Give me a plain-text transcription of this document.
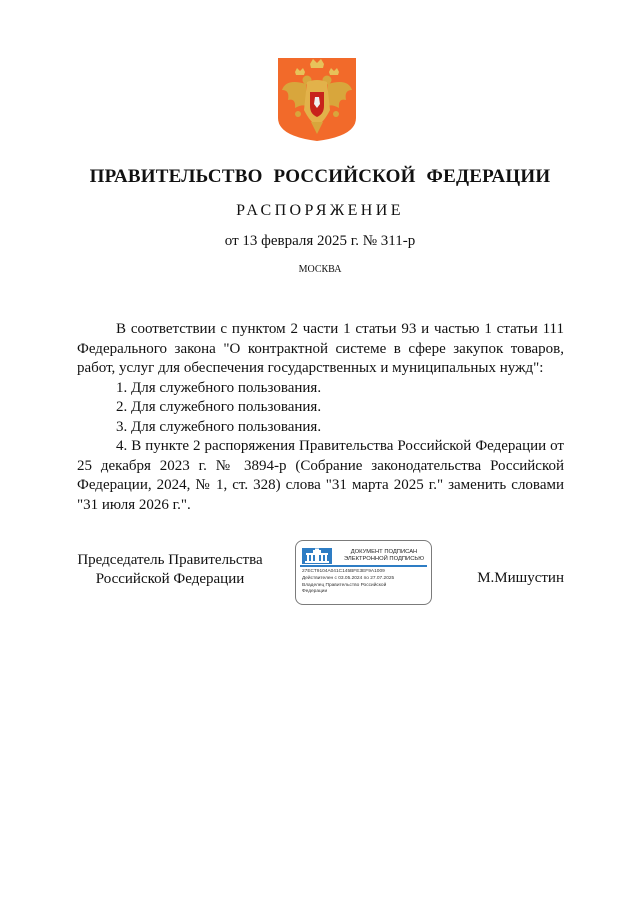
ПРАВИТЕЛЬСТВО РОССИЙСКОЙ ФЕДЕРАЦИИ
РАСПОРЯЖЕНИЕ
от 13 февраля 2025 г. № 311-р
МОСКВА

В соответствии с пунктом 2 части 1 статьи 93 и частью 1 статьи 111 Федерального закона "О контрактной системе в сфере закупок товаров, работ, услуг для обеспечения государственных и муниципальных нужд":

1. Для служебного пользования.

2. Для служебного пользования.

3. Для служебного пользования.

4. В пункте 2 распоряжения Правительства Российской Федерации от 25 декабря 2023 г. № 3894-р (Собрание законодательства Российской Федерации, 2024, № 1, ст. 328) слова "31 марта 2025 г." заменить словами "31 июля 2026 г.".

Председатель Правительства
Российской Федерации
ДОКУМЕНТ ПОДПИСАН
ЭЛЕКТРОННОЙ ПОДПИСЬЮ
27ЕСТ9104А041С145ВFЕ3ЕF9А1009
Действителен с 03.05.2024 по 27.07.2025
Владелец Правительство Российской
Федерации
М.Мишустин
